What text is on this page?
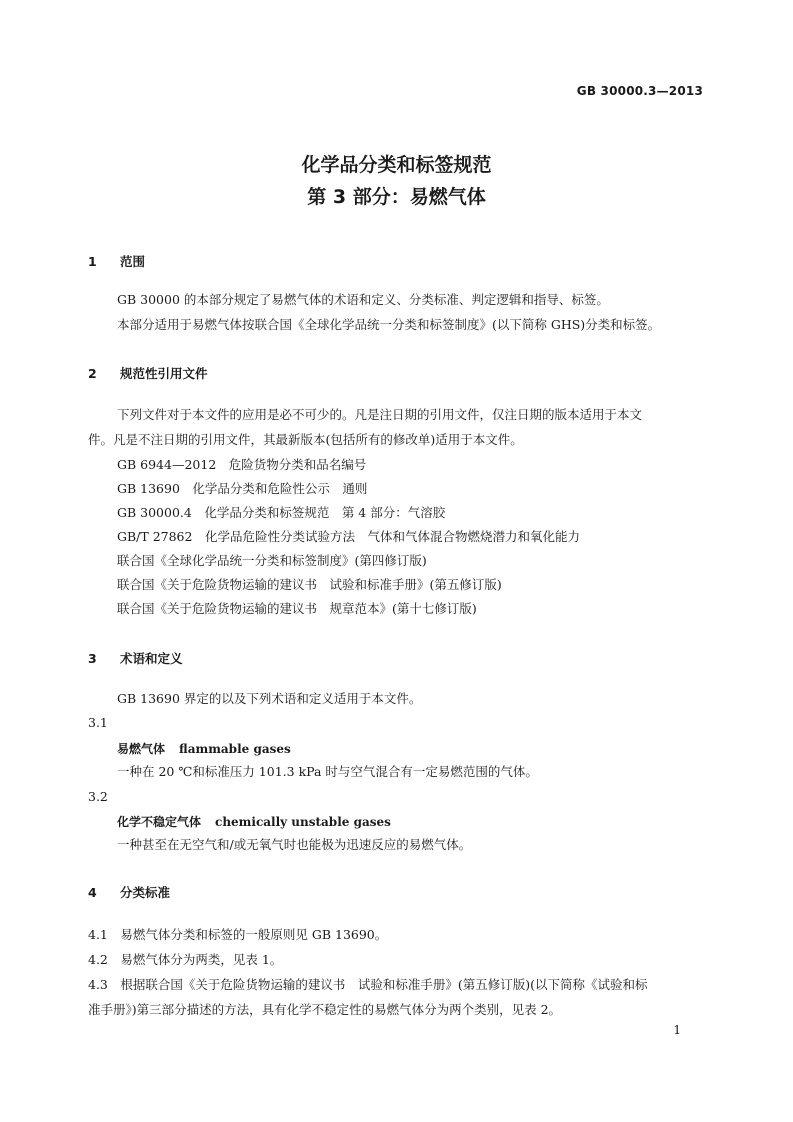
GB 30000.3—2013
化学品分类和标签规范
第 3 部分：易燃气体
1 范围
GB 30000 的本部分规定了易燃气体的术语和定义、分类标准、判定逻辑和指导、标签。
本部分适用于易燃气体按联合国《全球化学品统一分类和标签制度》(以下简称 GHS)分类和标签。
2 规范性引用文件
下列文件对于本文件的应用是必不可少的。凡是注日期的引用文件，仅注日期的版本适用于本文
件。凡是不注日期的引用文件，其最新版本(包括所有的修改单)适用于本文件。
GB 6944—2012　危险货物分类和品名编号
GB 13690　化学品分类和危险性公示　通则
GB 30000.4　化学品分类和标签规范　第 4 部分：气溶胶
GB/T 27862　化学品危险性分类试验方法　气体和气体混合物燃烧潜力和氧化能力
联合国《全球化学品统一分类和标签制度》(第四修订版)
联合国《关于危险货物运输的建议书　试验和标准手册》(第五修订版)
联合国《关于危险货物运输的建议书　规章范本》(第十七修订版)
3 术语和定义
GB 13690 界定的以及下列术语和定义适用于本文件。
3.1
易燃气体 flammable gases
一种在 20 ℃和标准压力 101.3 kPa 时与空气混合有一定易燃范围的气体。
3.2
化学不稳定气体 chemically unstable gases
一种甚至在无空气和/或无氧气时也能极为迅速反应的易燃气体。
4 分类标准
4.1　易燃气体分类和标签的一般原则见 GB 13690。
4.2　易燃气体分为两类，见表 1。
4.3　根据联合国《关于危险货物运输的建议书　试验和标准手册》(第五修订版)(以下简称《试验和标
准手册》)第三部分描述的方法，具有化学不稳定性的易燃气体分为两个类别，见表 2。
1
